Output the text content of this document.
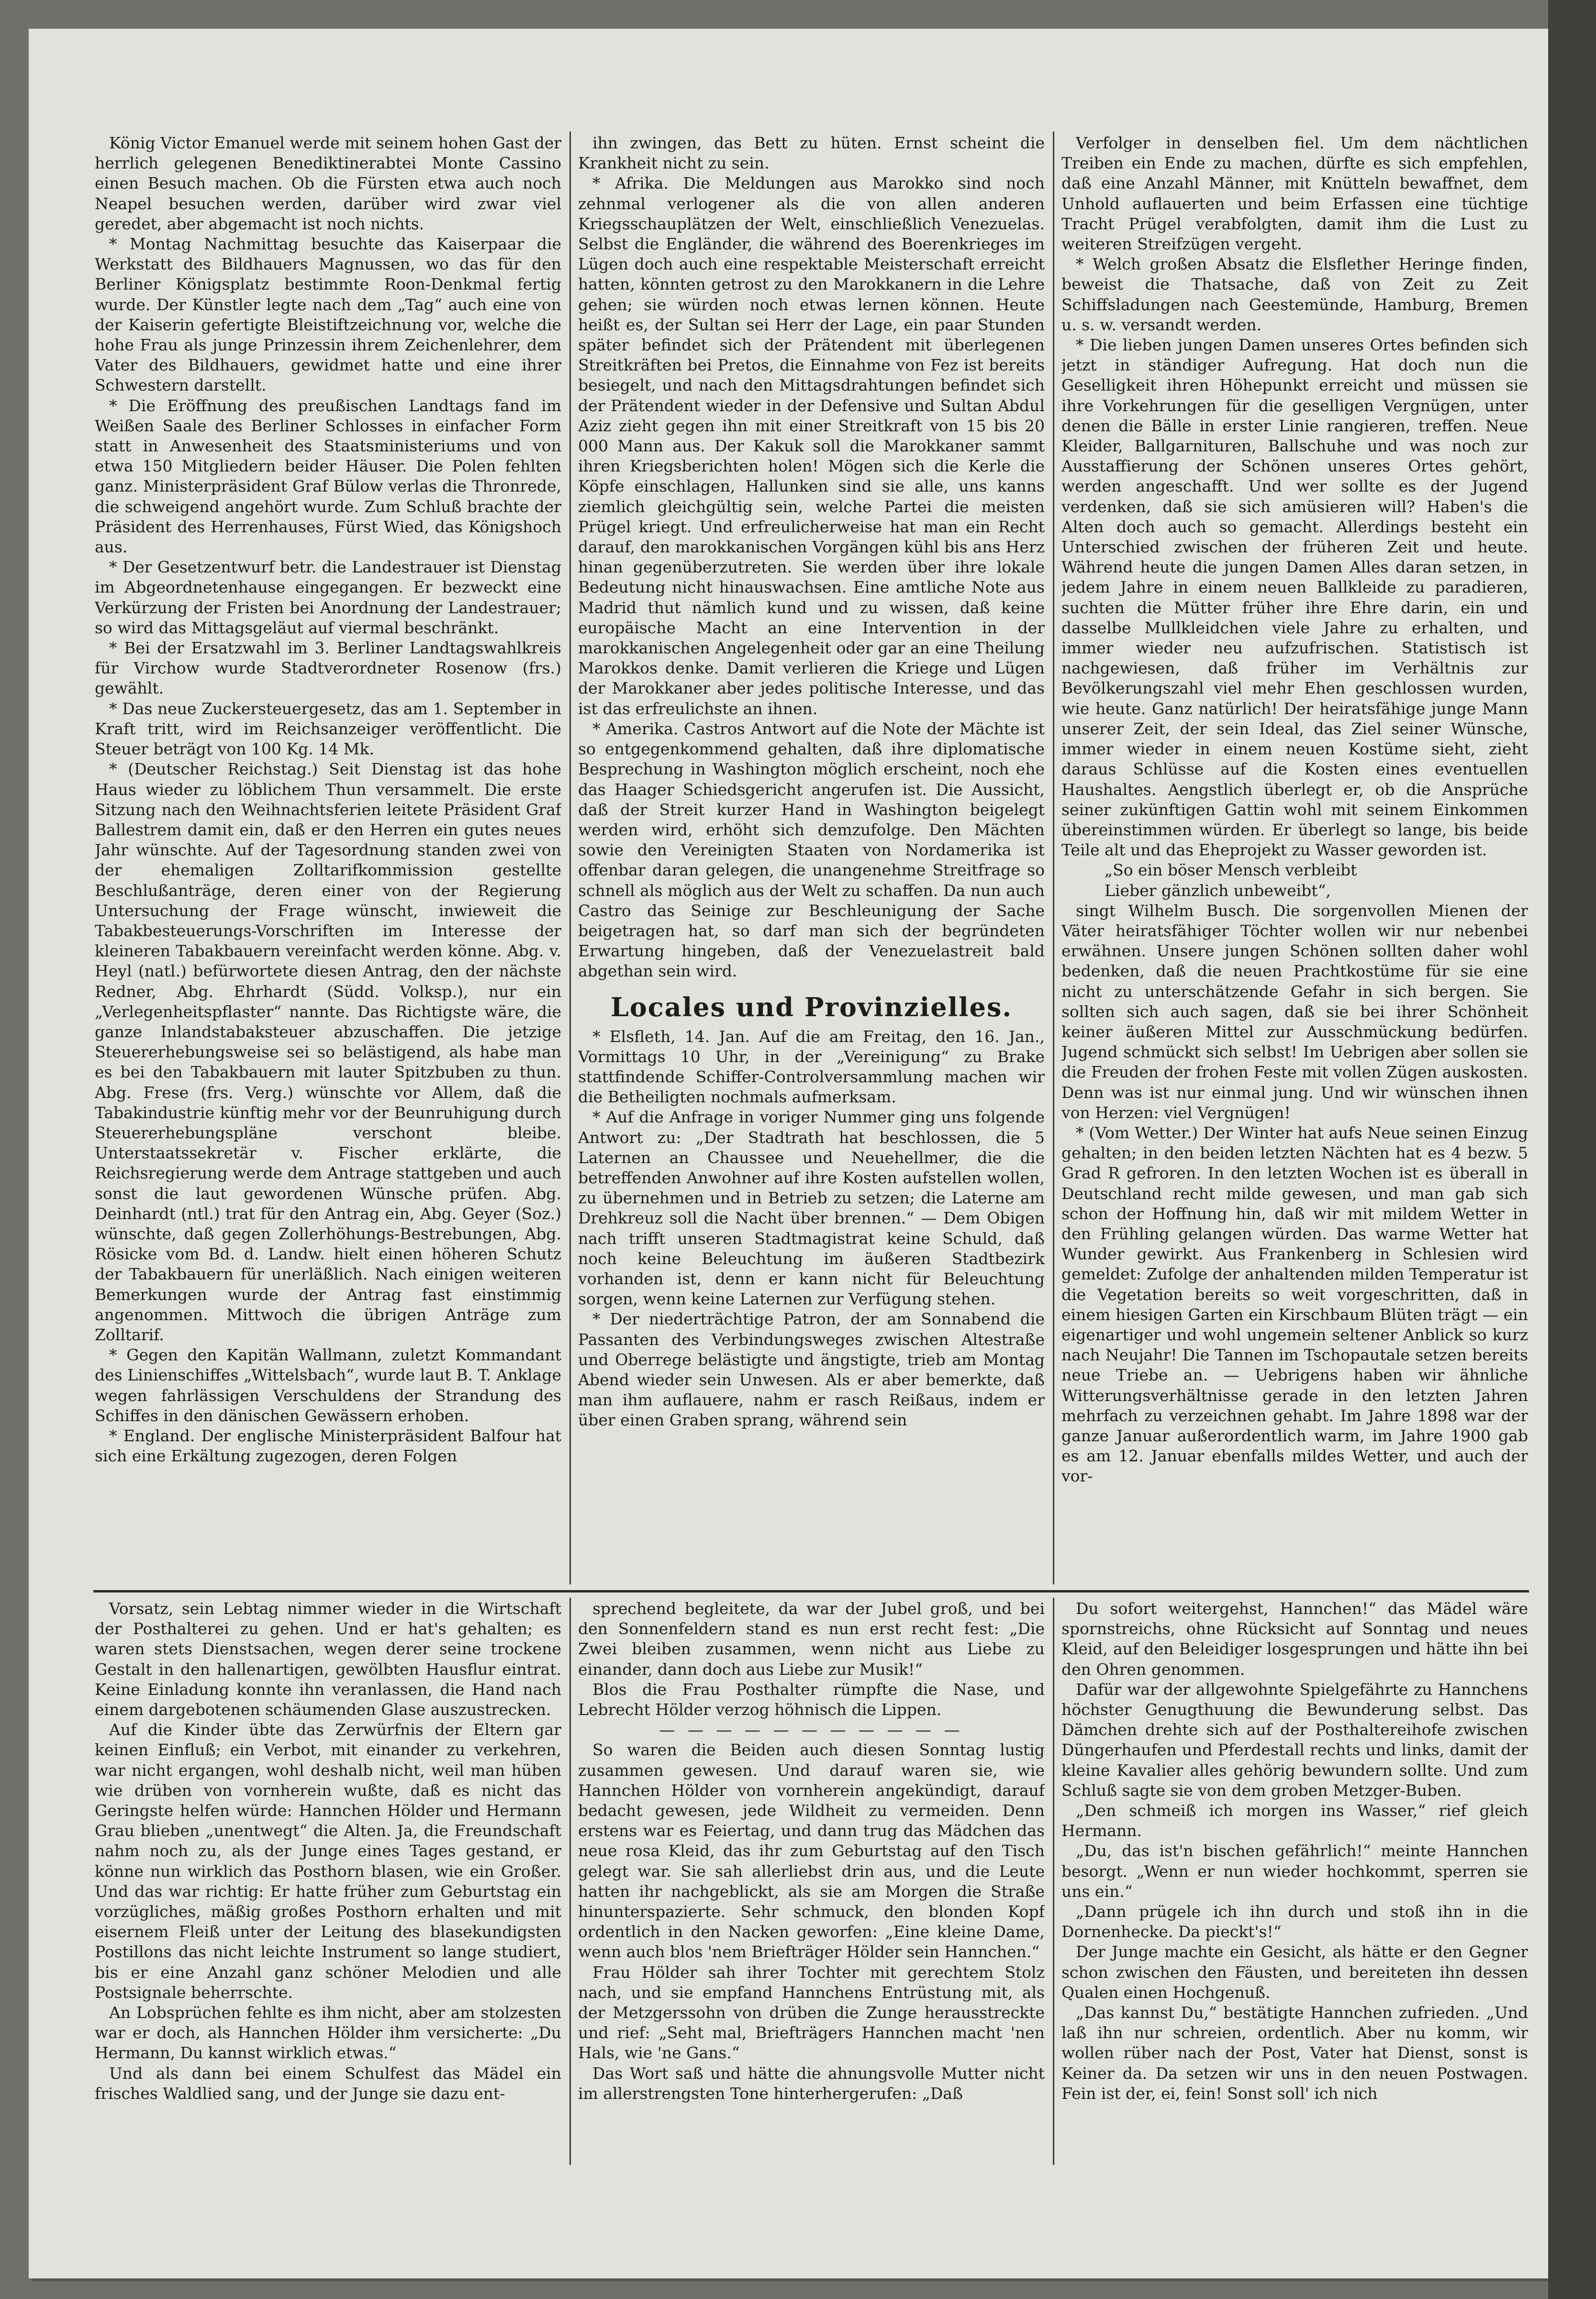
König Victor Emanuel werde mit seinem hohen Gast der herrlich gelegenen Benediktinerabtei Monte Cassino einen Besuch machen. Ob die Fürsten etwa auch noch Neapel besuchen werden, darüber wird zwar viel geredet, aber abgemacht ist noch nichts.

* Montag Nachmittag besuchte das Kaiserpaar die Werkstatt des Bildhauers Magnussen, wo das für den Berliner Königsplatz bestimmte Roon-Denkmal fertig wurde. Der Künstler legte nach dem „Tag“ auch eine von der Kaiserin gefertigte Bleistiftzeichnung vor, welche die hohe Frau als junge Prinzessin ihrem Zeichenlehrer, dem Vater des Bildhauers, gewidmet hatte und eine ihrer Schwestern darstellt.

* Die Eröffnung des preußischen Landtags fand im Weißen Saale des Berliner Schlosses in einfacher Form statt in Anwesenheit des Staatsministeriums und von etwa 150 Mitgliedern beider Häuser. Die Polen fehlten ganz. Ministerpräsident Graf Bülow verlas die Thronrede, die schweigend angehört wurde. Zum Schluß brachte der Präsident des Herrenhauses, Fürst Wied, das Königshoch aus.

* Der Gesetzentwurf betr. die Landestrauer ist Dienstag im Abgeordnetenhause eingegangen. Er bezweckt eine Verkürzung der Fristen bei Anordnung der Landestrauer; so wird das Mittagsgeläut auf viermal beschränkt.

* Bei der Ersatzwahl im 3. Berliner Landtagswahlkreis für Virchow wurde Stadtverordneter Rosenow (frs.) gewählt.

* Das neue Zuckersteuergesetz, das am 1. September in Kraft tritt, wird im Reichsanzeiger veröffentlicht. Die Steuer beträgt von 100 Kg. 14 Mk.

* (Deutscher Reichstag.) Seit Dienstag ist das hohe Haus wieder zu löblichem Thun versammelt. Die erste Sitzung nach den Weihnachtsferien leitete Präsident Graf Ballestrem damit ein, daß er den Herren ein gutes neues Jahr wünschte. Auf der Tagesordnung standen zwei von der ehemaligen Zolltarifkommission gestellte Beschlußanträge, deren einer von der Regierung Untersuchung der Frage wünscht, inwieweit die Tabakbesteuerungs-Vorschriften im Interesse der kleineren Tabakbauern vereinfacht werden könne. Abg. v. Heyl (natl.) befürwortete diesen Antrag, den der nächste Redner, Abg. Ehrhardt (Südd. Volksp.), nur ein „Verlegenheitspflaster“ nannte. Das Richtigste wäre, die ganze Inlandstabaksteuer abzuschaffen. Die jetzige Steuererhebungsweise sei so belästigend, als habe man es bei den Tabakbauern mit lauter Spitzbuben zu thun. Abg. Frese (frs. Verg.) wünschte vor Allem, daß die Tabakindustrie künftig mehr vor der Beunruhigung durch Steuererhebungspläne verschont bleibe. Unterstaatssekretär v. Fischer erklärte, die Reichsregierung werde dem Antrage stattgeben und auch sonst die laut gewordenen Wünsche prüfen. Abg. Deinhardt (ntl.) trat für den Antrag ein, Abg. Geyer (Soz.) wünschte, daß gegen Zollerhöhungs-Bestrebungen, Abg. Rösicke vom Bd. d. Landw. hielt einen höheren Schutz der Tabakbauern für unerläßlich. Nach einigen weiteren Bemerkungen wurde der Antrag fast einstimmig angenommen. Mittwoch die übrigen Anträge zum Zolltarif.

* Gegen den Kapitän Wallmann, zuletzt Kommandant des Linienschiffes „Wittelsbach“, wurde laut B. T. Anklage wegen fahrlässigen Verschuldens der Strandung des Schiffes in den dänischen Gewässern erhoben.

* England. Der englische Ministerpräsident Balfour hat sich eine Erkältung zugezogen, deren Folgen

ihn zwingen, das Bett zu hüten. Ernst scheint die Krankheit nicht zu sein.

* Afrika. Die Meldungen aus Marokko sind noch zehnmal verlogener als die von allen anderen Kriegsschauplätzen der Welt, einschließlich Venezuelas. Selbst die Engländer, die während des Boerenkrieges im Lügen doch auch eine respektable Meisterschaft erreicht hatten, könnten getrost zu den Marokkanern in die Lehre gehen; sie würden noch etwas lernen können. Heute heißt es, der Sultan sei Herr der Lage, ein paar Stunden später befindet sich der Prätendent mit überlegenen Streitkräften bei Pretos, die Einnahme von Fez ist bereits besiegelt, und nach den Mittagsdrahtungen befindet sich der Prätendent wieder in der Defensive und Sultan Abdul Aziz zieht gegen ihn mit einer Streitkraft von 15 bis 20 000 Mann aus. Der Kakuk soll die Marokkaner sammt ihren Kriegsberichten holen! Mögen sich die Kerle die Köpfe einschlagen, Hallunken sind sie alle, uns kanns ziemlich gleichgültig sein, welche Partei die meisten Prügel kriegt. Und erfreulicherweise hat man ein Recht darauf, den marokkanischen Vorgängen kühl bis ans Herz hinan gegenüberzutreten. Sie werden über ihre lokale Bedeutung nicht hinauswachsen. Eine amtliche Note aus Madrid thut nämlich kund und zu wissen, daß keine europäische Macht an eine Intervention in der marokkanischen Angelegenheit oder gar an eine Theilung Marokkos denke. Damit verlieren die Kriege und Lügen der Marokkaner aber jedes politische Interesse, und das ist das erfreulichste an ihnen.

* Amerika. Castros Antwort auf die Note der Mächte ist so entgegenkommend gehalten, daß ihre diplomatische Besprechung in Washington möglich erscheint, noch ehe das Haager Schiedsgericht angerufen ist. Die Aussicht, daß der Streit kurzer Hand in Washington beigelegt werden wird, erhöht sich demzufolge. Den Mächten sowie den Vereinigten Staaten von Nordamerika ist offenbar daran gelegen, die unangenehme Streitfrage so schnell als möglich aus der Welt zu schaffen. Da nun auch Castro das Seinige zur Beschleunigung der Sache beigetragen hat, so darf man sich der begründeten Erwartung hingeben, daß der Venezuelastreit bald abgethan sein wird.

Locales und Provinzielles.

* Elsfleth, 14. Jan. Auf die am Freitag, den 16. Jan., Vormittags 10 Uhr, in der „Vereinigung“ zu Brake stattfindende Schiffer-Controlversammlung machen wir die Betheiligten nochmals aufmerksam.

* Auf die Anfrage in voriger Nummer ging uns folgende Antwort zu: „Der Stadtrath hat beschlossen, die 5 Laternen an Chaussee und Neuehellmer, die die betreffenden Anwohner auf ihre Kosten aufstellen wollen, zu übernehmen und in Betrieb zu setzen; die Laterne am Drehkreuz soll die Nacht über brennen.“ — Dem Obigen nach trifft unseren Stadtmagistrat keine Schuld, daß noch keine Beleuchtung im äußeren Stadtbezirk vorhanden ist, denn er kann nicht für Beleuchtung sorgen, wenn keine Laternen zur Verfügung stehen.

* Der niederträchtige Patron, der am Sonnabend die Passanten des Verbindungsweges zwischen Altestraße und Oberrege belästigte und ängstigte, trieb am Montag Abend wieder sein Unwesen. Als er aber bemerkte, daß man ihm auflauere, nahm er rasch Reißaus, indem er über einen Graben sprang, während sein

Verfolger in denselben fiel. Um dem nächtlichen Treiben ein Ende zu machen, dürfte es sich empfehlen, daß eine Anzahl Männer, mit Knütteln bewaffnet, dem Unhold auflauerten und beim Erfassen eine tüchtige Tracht Prügel verabfolgten, damit ihm die Lust zu weiteren Streifzügen vergeht.

* Welch großen Absatz die Elsflether Heringe finden, beweist die Thatsache, daß von Zeit zu Zeit Schiffsladungen nach Geestemünde, Hamburg, Bremen u. s. w. versandt werden.

* Die lieben jungen Damen unseres Ortes befinden sich jetzt in ständiger Aufregung. Hat doch nun die Geselligkeit ihren Höhepunkt erreicht und müssen sie ihre Vorkehrungen für die geselligen Vergnügen, unter denen die Bälle in erster Linie rangieren, treffen. Neue Kleider, Ballgarnituren, Ballschuhe und was noch zur Ausstaffierung der Schönen unseres Ortes gehört, werden angeschafft. Und wer sollte es der Jugend verdenken, daß sie sich amüsieren will? Haben's die Alten doch auch so gemacht. Allerdings besteht ein Unterschied zwischen der früheren Zeit und heute. Während heute die jungen Damen Alles daran setzen, in jedem Jahre in einem neuen Ballkleide zu paradieren, suchten die Mütter früher ihre Ehre darin, ein und dasselbe Mullkleidchen viele Jahre zu erhalten, und immer wieder neu aufzufrischen. Statistisch ist nachgewiesen, daß früher im Verhältnis zur Bevölkerungszahl viel mehr Ehen geschlossen wurden, wie heute. Ganz natürlich! Der heiratsfähige junge Mann unserer Zeit, der sein Ideal, das Ziel seiner Wünsche, immer wieder in einem neuen Kostüme sieht, zieht daraus Schlüsse auf die Kosten eines eventuellen Haushaltes. Aengstlich überlegt er, ob die Ansprüche seiner zukünftigen Gattin wohl mit seinem Einkommen übereinstimmen würden. Er überlegt so lange, bis beide Teile alt und das Eheprojekt zu Wasser geworden ist.

„So ein böser Mensch verbleibt

Lieber gänzlich unbeweibt“,

singt Wilhelm Busch. Die sorgenvollen Mienen der Väter heiratsfähiger Töchter wollen wir nur nebenbei erwähnen. Unsere jungen Schönen sollten daher wohl bedenken, daß die neuen Prachtkostüme für sie eine nicht zu unterschätzende Gefahr in sich bergen. Sie sollten sich auch sagen, daß sie bei ihrer Schönheit keiner äußeren Mittel zur Ausschmückung bedürfen. Jugend schmückt sich selbst! Im Uebrigen aber sollen sie die Freuden der frohen Feste mit vollen Zügen auskosten. Denn was ist nur einmal jung. Und wir wünschen ihnen von Herzen: viel Vergnügen!

* (Vom Wetter.) Der Winter hat aufs Neue seinen Einzug gehalten; in den beiden letzten Nächten hat es 4 bezw. 5 Grad R gefroren. In den letzten Wochen ist es überall in Deutschland recht milde gewesen, und man gab sich schon der Hoffnung hin, daß wir mit mildem Wetter in den Frühling gelangen würden. Das warme Wetter hat Wunder gewirkt. Aus Frankenberg in Schlesien wird gemeldet: Zufolge der anhaltenden milden Temperatur ist die Vegetation bereits so weit vorgeschritten, daß in einem hiesigen Garten ein Kirschbaum Blüten trägt — ein eigenartiger und wohl ungemein seltener Anblick so kurz nach Neujahr! Die Tannen im Tschopautale setzen bereits neue Triebe an. — Uebrigens haben wir ähnliche Witterungsverhältnisse gerade in den letzten Jahren mehrfach zu verzeichnen gehabt. Im Jahre 1898 war der ganze Januar außerordentlich warm, im Jahre 1900 gab es am 12. Januar ebenfalls mildes Wetter, und auch der vor-

Vorsatz, sein Lebtag nimmer wieder in die Wirtschaft der Posthalterei zu gehen. Und er hat's gehalten; es waren stets Dienstsachen, wegen derer seine trockene Gestalt in den hallenartigen, gewölbten Hausflur eintrat. Keine Einladung konnte ihn veranlassen, die Hand nach einem dargebotenen schäumenden Glase auszustrecken.

Auf die Kinder übte das Zerwürfnis der Eltern gar keinen Einfluß; ein Verbot, mit einander zu verkehren, war nicht ergangen, wohl deshalb nicht, weil man hüben wie drüben von vornherein wußte, daß es nicht das Geringste helfen würde: Hannchen Hölder und Hermann Grau blieben „unentwegt“ die Alten. Ja, die Freundschaft nahm noch zu, als der Junge eines Tages gestand, er könne nun wirklich das Posthorn blasen, wie ein Großer. Und das war richtig: Er hatte früher zum Geburtstag ein vorzügliches, mäßig großes Posthorn erhalten und mit eisernem Fleiß unter der Leitung des blasekundigsten Postillons das nicht leichte Instrument so lange studiert, bis er eine Anzahl ganz schöner Melodien und alle Postsignale beherrschte.

An Lobsprüchen fehlte es ihm nicht, aber am stolzesten war er doch, als Hannchen Hölder ihm versicherte: „Du Hermann, Du kannst wirklich etwas.“

Und als dann bei einem Schulfest das Mädel ein frisches Waldlied sang, und der Junge sie dazu ent-

sprechend begleitete, da war der Jubel groß, und bei den Sonnenfeldern stand es nun erst recht fest: „Die Zwei bleiben zusammen, wenn nicht aus Liebe zu einander, dann doch aus Liebe zur Musik!“

Blos die Frau Posthalter rümpfte die Nase, und Lebrecht Hölder verzog höhnisch die Lippen.

— — — — — — — — — — —

So waren die Beiden auch diesen Sonntag lustig zusammen gewesen. Und darauf waren sie, wie Hannchen Hölder von vornherein angekündigt, darauf bedacht gewesen, jede Wildheit zu vermeiden. Denn erstens war es Feiertag, und dann trug das Mädchen das neue rosa Kleid, das ihr zum Geburtstag auf den Tisch gelegt war. Sie sah allerliebst drin aus, und die Leute hatten ihr nachgeblickt, als sie am Morgen die Straße hinunterspazierte. Sehr schmuck, den blonden Kopf ordentlich in den Nacken geworfen: „Eine kleine Dame, wenn auch blos 'nem Briefträger Hölder sein Hannchen.“

Frau Hölder sah ihrer Tochter mit gerechtem Stolz nach, und sie empfand Hannchens Entrüstung mit, als der Metzgerssohn von drüben die Zunge herausstreckte und rief: „Seht mal, Briefträgers Hannchen macht 'nen Hals, wie 'ne Gans.“

Das Wort saß und hätte die ahnungsvolle Mutter nicht im allerstrengsten Tone hinterhergerufen: „Daß

Du sofort weitergehst, Hannchen!“ das Mädel wäre spornstreichs, ohne Rücksicht auf Sonntag und neues Kleid, auf den Beleidiger losgesprungen und hätte ihn bei den Ohren genommen.

Dafür war der allgewohnte Spielgefährte zu Hannchens höchster Genugthuung die Bewunderung selbst. Das Dämchen drehte sich auf der Posthaltereihofe zwischen Düngerhaufen und Pferdestall rechts und links, damit der kleine Kavalier alles gehörig bewundern sollte. Und zum Schluß sagte sie von dem groben Metzger-Buben.

„Den schmeiß ich morgen ins Wasser,“ rief gleich Hermann.

„Du, das ist'n bischen gefährlich!“ meinte Hannchen besorgt. „Wenn er nun wieder hochkommt, sperren sie uns ein.“

„Dann prügele ich ihn durch und stoß ihn in die Dornenhecke. Da pieckt's!“

Der Junge machte ein Gesicht, als hätte er den Gegner schon zwischen den Fäusten, und bereiteten ihn dessen Qualen einen Hochgenuß.

„Das kannst Du,“ bestätigte Hannchen zufrieden. „Und laß ihn nur schreien, ordentlich. Aber nu komm, wir wollen rüber nach der Post, Vater hat Dienst, sonst is Keiner da. Da setzen wir uns in den neuen Postwagen. Fein ist der, ei, fein! Sonst soll' ich nich
